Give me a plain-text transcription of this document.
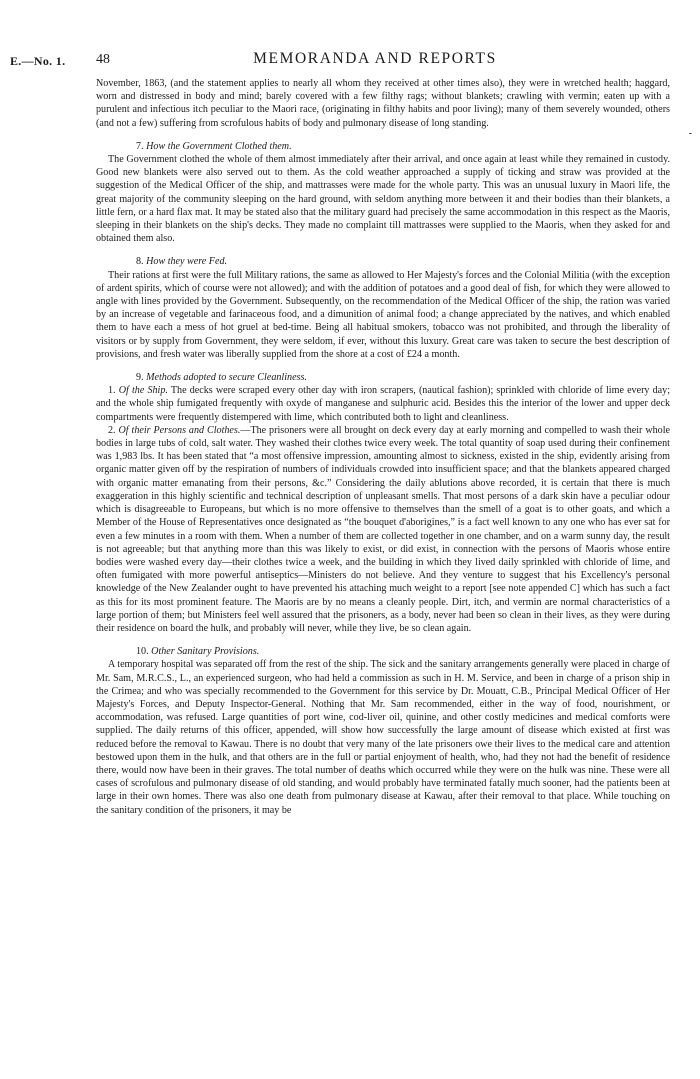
E.—No. 1. 48	MEMORANDA AND REPORTS
-

November, 1863, (and the statement applies to nearly all whom they received at other times also), they were in wretched health; haggard, worn and distressed in body and mind; barely covered with a few filthy rags; without blankets; crawling with vermin; eaten up with a purulent and infectious itch peculiar to the Maori race, (originating in filthy habits and poor living); many of them severely wounded, others (and not a few) suffering from scrofulous habits of body and pulmonary disease of long standing.

7. How the Government Clothed them.

The Government clothed the whole of them almost immediately after their arrival, and once again at least while they remained in custody. Good new blankets were also served out to them. As the cold weather approached a supply of ticking and straw was provided at the suggestion of the Medical Officer of the ship, and mattrasses were made for the whole party. This was an unusual luxury in Maori life, the great majority of the community sleeping on the hard ground, with seldom anything more between it and their bodies than their blankets, a little fern, or a hard flax mat. It may be stated also that the military guard had precisely the same accommodation in this respect as the Maoris, sleeping in their blankets on the ship's decks. They made no complaint till mattrasses were supplied to the Maoris, when they asked for and obtained them also.

8. How they were Fed.

Their rations at first were the full Military rations, the same as allowed to Her Majesty's forces and the Colonial Militia (with the exception of ardent spirits, which of course were not allowed); and with the addition of potatoes and a good deal of fish, for which they were allowed to angle with lines provided by the Government. Subsequently, on the recommendation of the Medical Officer of the ship, the ration was varied by an increase of vegetable and farinaceous food, and a dimunition of animal food; a change appreciated by the natives, and which enabled them to have each a mess of hot gruel at bed-time. Being all habitual smokers, tobacco was not prohibited, and through the liberality of visitors or by supply from Government, they were seldom, if ever, without this luxury. Great care was taken to secure the best description of provisions, and fresh water was liberally supplied from the shore at a cost of £24 a month.

9. Methods adopted to secure Cleanliness.

1. Of the Ship. The decks were scraped every other day with iron scrapers, (nautical fashion); sprinkled with chloride of lime every day; and the whole ship fumigated frequently with oxyde of manganese and sulphuric acid. Besides this the interior of the lower and upper deck compartments were frequently distempered with lime, which contributed both to light and cleanliness.

2. Of their Persons and Clothes.—The prisoners were all brought on deck every day at early morning and compelled to wash their whole bodies in large tubs of cold, salt water. They washed their clothes twice every week. The total quantity of soap used during their confinement was 1,983 lbs. It has been stated that “a most offensive impression, amounting almost to sickness, existed in the ship, evidently arising from organic matter given off by the respiration of numbers of individuals crowded into insufficient space; and that the blankets appeared charged with organic matter emanating from their persons, &c.” Considering the daily ablutions above recorded, it is certain that there is much exaggeration in this highly scientific and technical description of unpleasant smells. That most persons of a dark skin have a peculiar odour which is disagreeable to Europeans, but which is no more offensive to themselves than the smell of a goat is to other goats, and which a Member of the House of Representatives once designated as “the bouquet d'aborigines,” is a fact well known to any one who has ever sat for even a few minutes in a room with them. When a number of them are collected together in one chamber, and on a warm sunny day, the result is not agreeable; but that anything more than this was likely to exist, or did exist, in connection with the persons of Maoris whose entire bodies were washed every day—their clothes twice a week, and the building in which they lived daily sprinkled with chloride of lime, and often fumigated with more powerful antiseptics—Ministers do not believe. And they venture to suggest that his Excellency's personal knowledge of the New Zealander ought to have prevented his attaching much weight to a report [see note appended C] which has such a fact as this for its most prominent feature. The Maoris are by no means a cleanly people. Dirt, itch, and vermin are normal characteristics of a large portion of them; but Ministers feel well assured that the prisoners, as a body, never had been so clean in their lives, as they were during their residence on board the hulk, and probably will never, while they live, be so clean again.

10. Other Sanitary Provisions.

A temporary hospital was separated off from the rest of the ship. The sick and the sanitary arrangements generally were placed in charge of Mr. Sam, M.R.C.S., L., an experienced surgeon, who had held a commission as such in H. M. Service, and been in charge of a prison ship in the Crimea; and who was specially recommended to the Government for this service by Dr. Mouatt, C.B., Principal Medical Officer of Her Majesty's Forces, and Deputy Inspector-General. Nothing that Mr. Sam recommended, either in the way of food, nourishment, or accommodation, was refused. Large quantities of port wine, cod-liver oil, quinine, and other costly medicines and medical comforts were supplied. The daily returns of this officer, appended, will show how successfully the large amount of disease which existed at first was reduced before the removal to Kawau. There is no doubt that very many of the late prisoners owe their lives to the medical care and attention bestowed upon them in the hulk, and that others are in the full or partial enjoyment of health, who, had they not had the benefit of residence there, would now have been in their graves. The total number of deaths which occurred while they were on the hulk was nine. These were all cases of scrofulous and pulmonary disease of old standing, and would probably have terminated fatally much sooner, had the patients been at large in their own homes. There was also one death from pulmonary disease at Kawau, after their removal to that place. While touching on the sanitary condition of the prisoners, it may be
